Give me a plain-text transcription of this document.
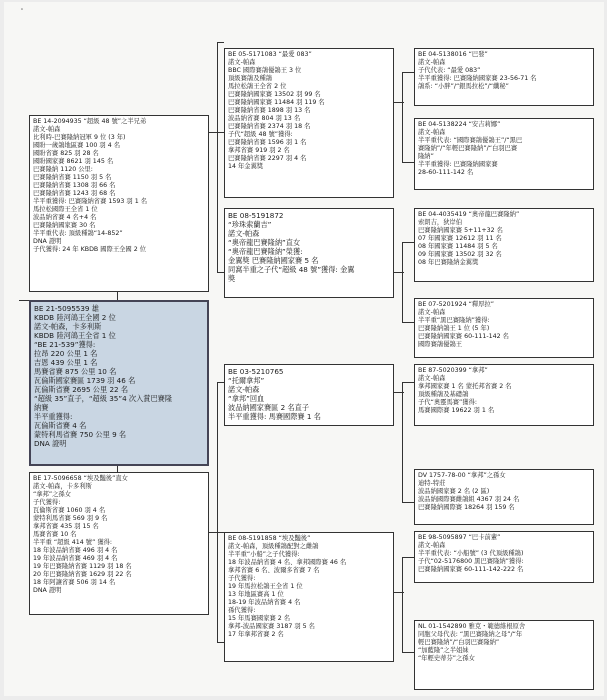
∘
BE 14-2094935 “超級 48 號”之半兄弟
諾文-帕森
比利時-巴賽隆納冠軍 9 位 (3 年)
國盼一歲鴿地區賽 100 羽 4 名
國盼省賽 825 羽 28 名
國盼國家賽 8621 羽 145 名
巴賽隆納 1120 公里:
巴賽隆納省賽 1150 羽 5 名
巴賽隆納省賽 1308 羽 66 名
巴賽隆納省賽 1243 羽 68 名
半平重獲得: 巴賽隆納省賽 1593 羽 1 名
馬拉松國際王全省 1 位
波品納省賽 4 名+4 名
巴賽隆納國家賽 30 名
半平重代表: 頂級種鴿“14-852”
DNA 證明
子代獲得: 24 年 KBDB 國際王全國 2 位
BE 21-5095539 雄
KBDB 陸河鴿王全國 2 位
諾文-帕森，卡多利斯
KBDB 陸河鴿王全省 1 位
“BE 21-539”獲得:
拉昂 220 公里 1 名
吉恩 439 公里 1 名
馬賽省賽 875 公里 10 名
瓦倫斯國家賽區 1739 羽 46 名
瓦倫斯省賽 2695 公里 22 名
“超級 35”直子，“超級 35”4 次入賞巴賽隆
納賽
半平重獲得:
瓦倫斯省賽 4 名
蒙特利馬省賽 750 公里 9 名
DNA 證明
BE 17-5096658 “埃及豔後”直女
諾文-帕森，卡多利斯
“拿邦”之孫女
子代獲得:
瓦倫斯省賽 1060 羽 4 名
蒙特利馬省賽 569 羽 9 名
拿邦省賽 435 羽 15 名
馬賽省賽 10 名
半平重 “超級 414 號” 獲得:
18 年波品納省賽 496 羽 4 名
19 年波品納省賽 469 羽 4 名
19 年巴賽隆納省賽 1129 羽 18 名
20 年巴賽隆納省賽 1629 羽 22 名
18 年阿讓省賽 506 羽 14 名
DNA 證明
BE 05-5171083 “最愛 083”
諾文-帕森
BBC 國際賽鴿優鴿王 3 位
頂級賽鴿及種鴿
馬拉松鴿王全省 2 位
巴賽隆納國家賽 13502 羽 99 名
巴賽隆納國家賽 11484 羽 119 名
巴賽隆納省賽 1898 羽 13 名
波品納省賽 804 羽 13 名
巴賽隆納省賽 2374 羽 18 名
子代“超級 48 號”獲得:
巴賽隆納省賽 1596 羽 1 名
拿邦省賽 919 羽 2 名
巴賽隆納省賽 2297 羽 4 名
14 年金翼獎
BE 08-5191872
“珍珠索蘭吉”
諾文-帕森
“奧帝龍巴賽隆納”直女
“奧帝龍巴賽隆納”榮獲:
金翼獎 巴賽隆納國家賽 5 名
同窩半重之子代“超級 48 號”獲得: 金翼
獎
BE 03-5210765
“托爾拿邦”
諾文-帕森
“拿邦”回血
波品納國家賽區 2 名直子
半平重獲得: 馬賽國際賽 1 名
BE 08-5191858 “埃及豔後”
諾文-帕森，頂級種鴿配對之雌鴿
半平重“小船”之子代獲得:
18 年波品納省賽 4 名、拿邦國際賽 46 名
拿邦省賽 6 名、波爾多省賽 7 名
子代獲得:
19 年馬拉松鴿王全省 1 位
13 年地區賽高 1 位
18-19 年波品納省賽 4 名
孫代獲得:
15 年馬賽國家賽 2 名
拿邦-波品國家賽 3187 羽 5 名
17 年拿邦省賽 2 名
BE 04-5138016 “巴發”
諾文-帕森
子代代表: “最愛 083”
半平重獲得: 巴賽隆納國家賽 23-56-71 名
鴿系: “小胖”/“銀馬拉松”/“纖秘”
BE 04-5138224 “安吉莉娜”
諾文-帕森
半平重代表: “國際賽鴿優鴿王”/“黑巴
賽隆納”/“年輕巴賽隆納”/“白羽巴賽
隆納”
半平重獲得: 巴賽隆納國家賽
28-60-111-142 名
BE 04-4035419 “奧帝龍巴賽隆納”
索朗吉，狄岸伯
巴賽隆納國家賽 5+11+32 名
07 年國家賽 12612 羽 11 名
08 年國家賽 11484 羽 5 名
09 年國家賽 13502 羽 32 名
08 年巴賽隆納金翼獎
BE 07-5201924 “釋厚拉”
諾文-帕森
半平重“黑巴賽隆納”獲得:
巴賽隆納鴿王 1 位 (5 年)
巴賽隆納國家賽 60-111-142 名
國際賽鴿優鴿王
BE 87-5020399 “拿邦”
諾文-帕森
拿邦國家賽 1 名 蒙托邦省賽 2 名
頂級種鴿及基礎鴿
子代“奧靈馬賽”獲得:
馬賽國際賽 19622 羽 1 名
DV 1757-78-00 “拿邦”之孫女
迪特-特莊
波品納國家賽 2 名 (2 區)
波品納國際賽雌鴿組 4367 羽 24 名
巴賽隆納國際賽 18264 羽 159 名
BE 98-5095897 “巴卡前輩”
諾文-帕森
半平重代表: “小船號” (3 代頂級種鴿)
子代“02-5176800 黑巴賽隆納”獲得:
巴賽隆納國家賽 60-111-142-222 名
NL 01-1542890 雅克・範德維根原舍
同胞父母代表: “黑巴賽隆納之母”/“年
輕巴賽隆納”/“白羽巴賽隆納”
“加藍隆”之半姐妹
“年輕史蒂芬”之孫女
